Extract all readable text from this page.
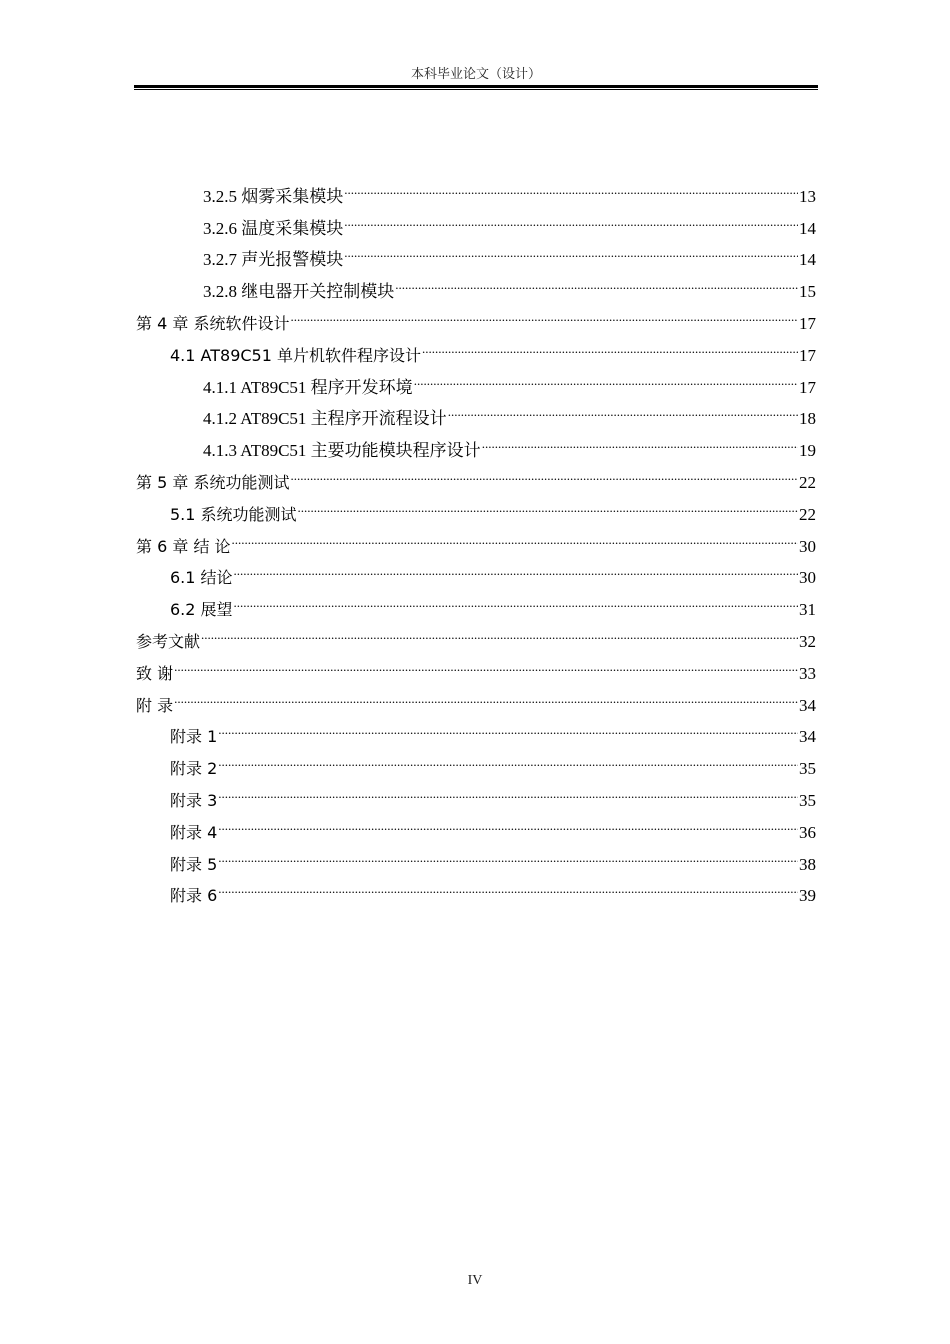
本科毕业论文（设计）
3.2.5 烟雾采集模块 .....	13
3.2.6 温度采集模块 .....	14
3.2.7 声光报警模块 .....	14
3.2.8 继电器开关控制模块 .....	15
第 4 章 系统软件设计 .....	17
4.1 AT89C51 单片机软件程序设计 .....	17
4.1.1 AT89C51 程序开发环境 .....	17
4.1.2 AT89C51 主程序开流程设计 .....	18
4.1.3 AT89C51 主要功能模块程序设计 .....	19
第 5 章 系统功能测试 .....	22
5.1 系统功能测试 .....	22
第 6 章 结 论 .....	30
6.1 结论 .....	30
6.2 展望 .....	31
参考文献 .....	32
致 谢 .....	33
附 录 .....	34
附录 1 .....	34
附录 2 .....	35
附录 3 .....	35
附录 4 .....	36
附录 5 .....	38
附录 6 .....	39
IV
